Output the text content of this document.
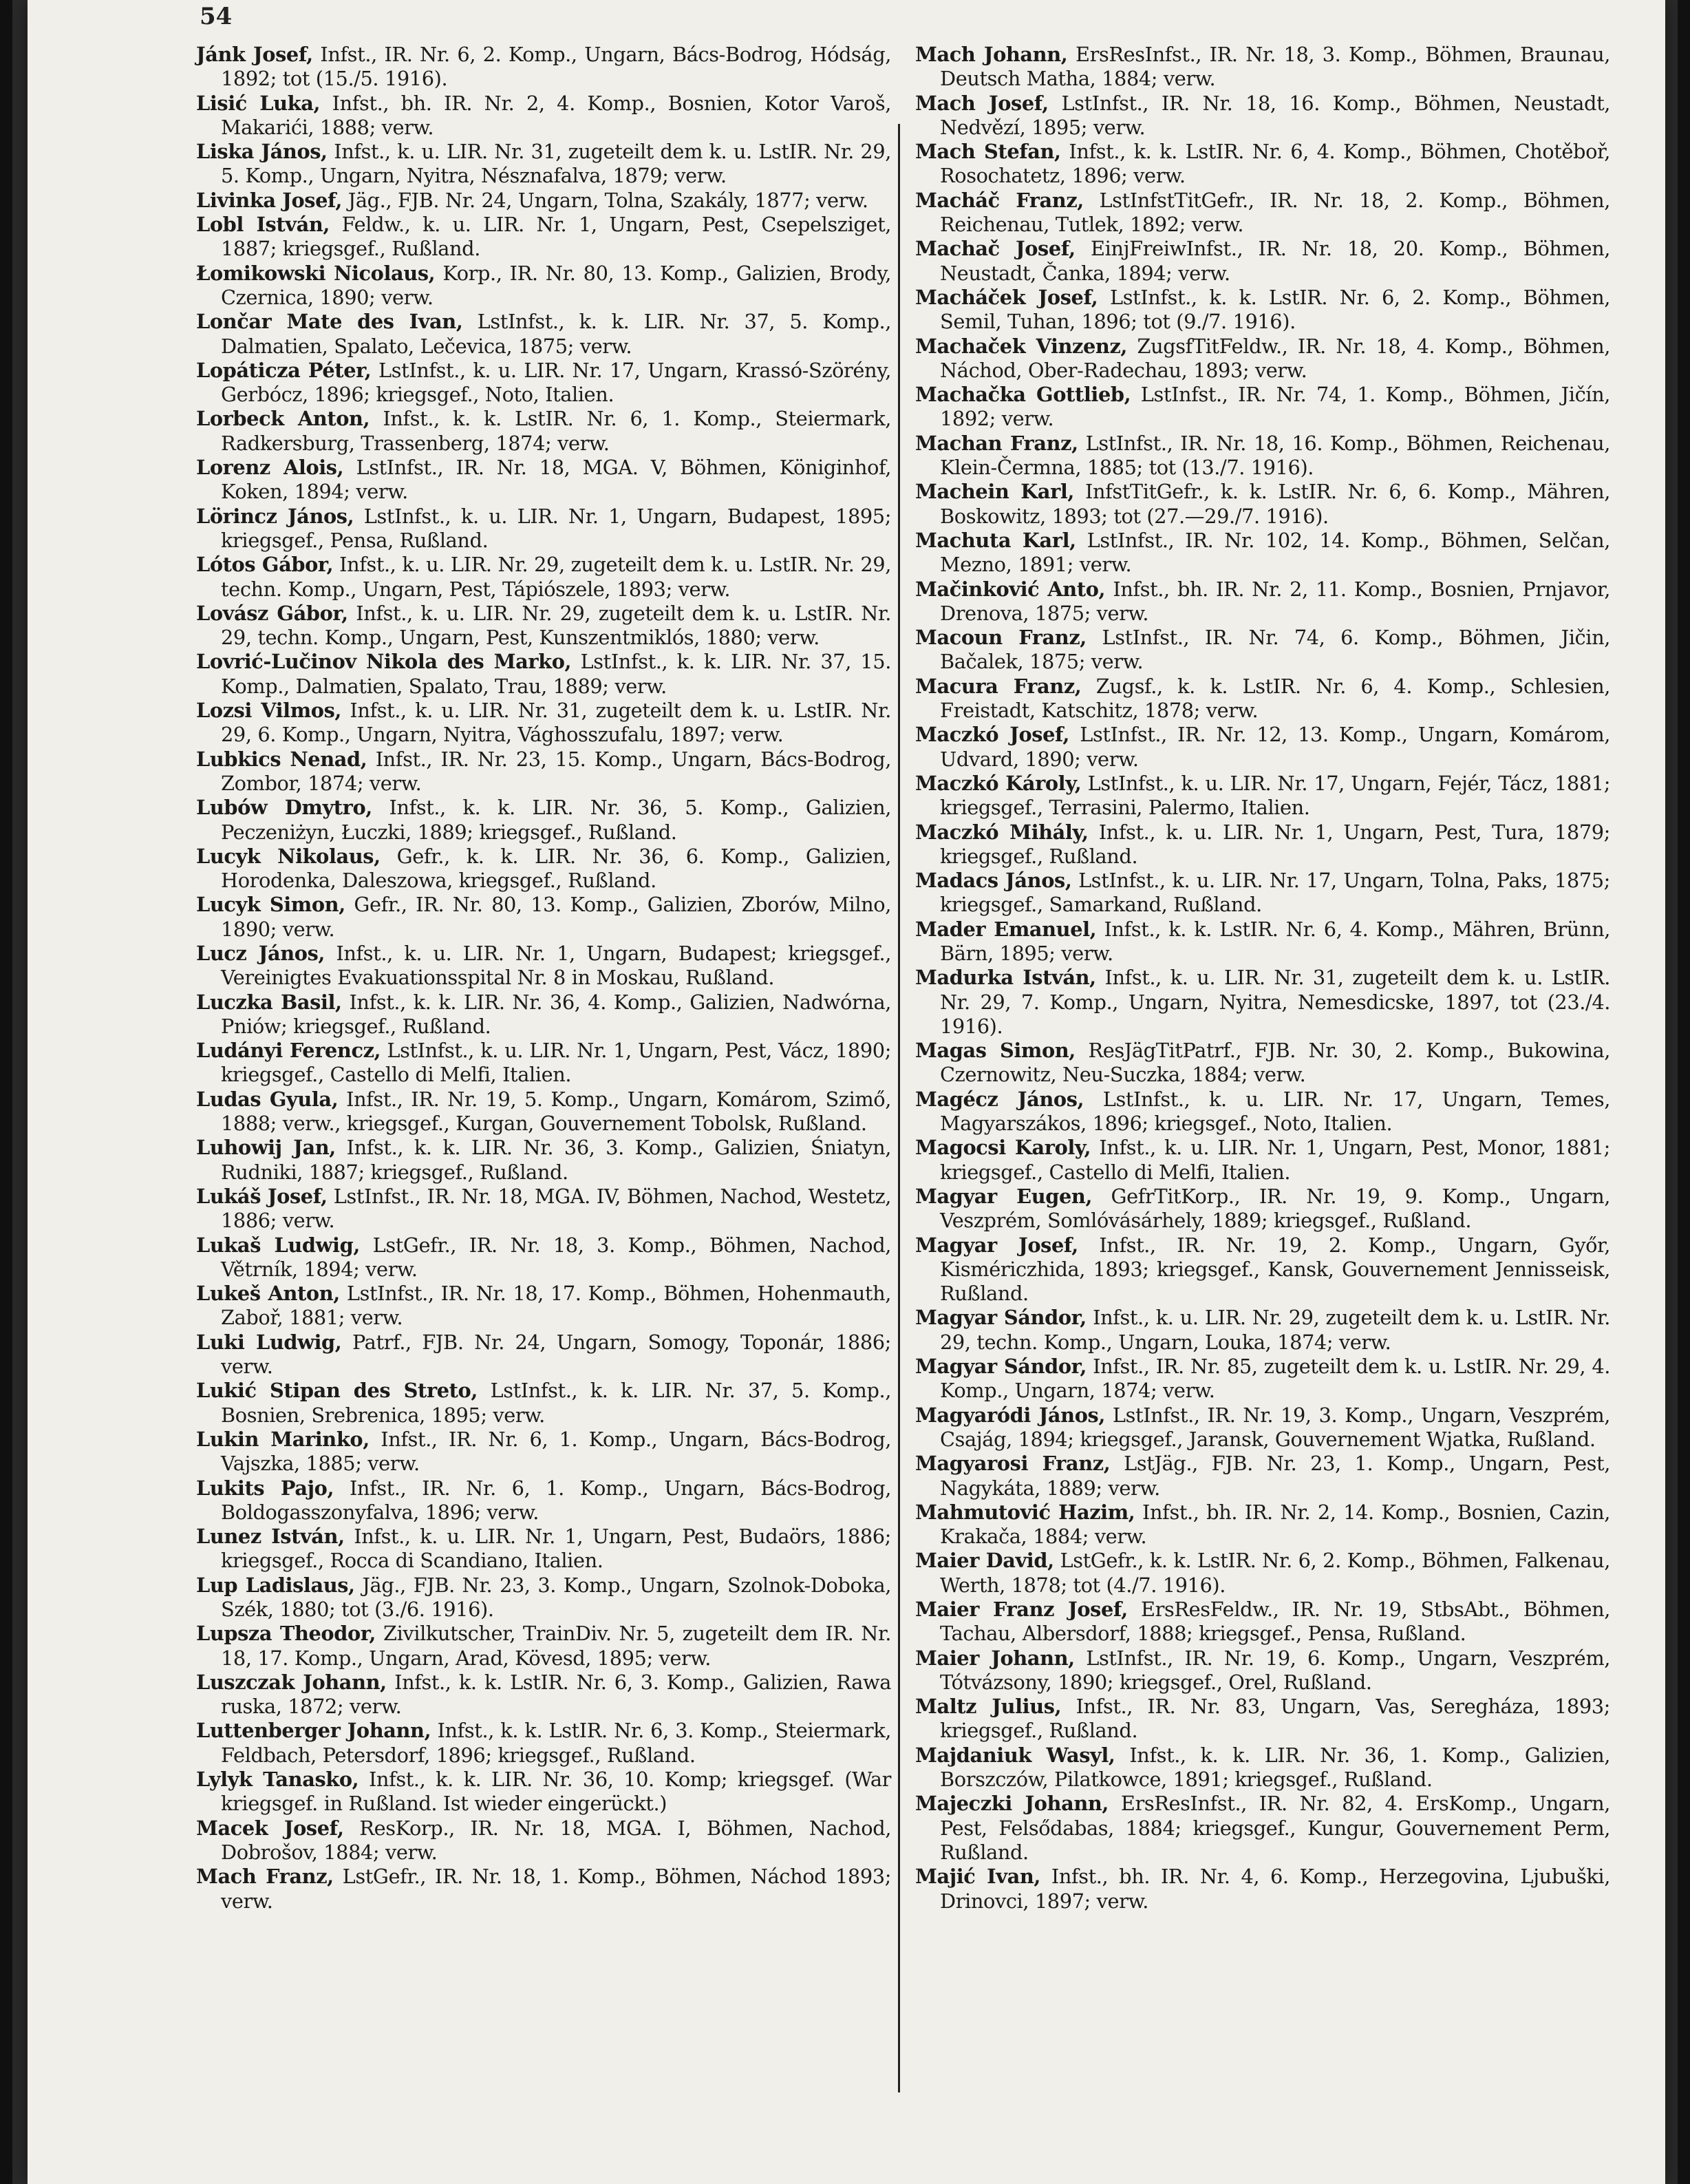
54
Jánk Josef, Infst., IR. Nr. 6, 2. Komp., Ungarn, Bács-Bodrog, Hódság, 1892; tot (15./5. 1916).
Lisić Luka, Infst., bh. IR. Nr. 2, 4. Komp., Bosnien, Kotor Varoš, Makarići, 1888; verw.
Liska János, Infst., k. u. LIR. Nr. 31, zugeteilt dem k. u. LstIR. Nr. 29, 5. Komp., Ungarn, Nyitra, Nésznafalva, 1879; verw.
Livinka Josef, Jäg., FJB. Nr. 24, Ungarn, Tolna, Szakály, 1877; verw.
Lobl István, Feldw., k. u. LIR. Nr. 1, Ungarn, Pest, Csepelsziget, 1887; kriegsgef., Rußland.
Łomikowski Nicolaus, Korp., IR. Nr. 80, 13. Komp., Galizien, Brody, Czernica, 1890; verw.
Lončar Mate des Ivan, LstInfst., k. k. LIR. Nr. 37, 5. Komp., Dalmatien, Spalato, Lečevica, 1875; verw.
Lopáticza Péter, LstInfst., k. u. LIR. Nr. 17, Ungarn, Krassó-Szörény, Gerbócz, 1896; kriegsgef., Noto, Italien.
Lorbeck Anton, Infst., k. k. LstIR. Nr. 6, 1. Komp., Steiermark, Radkersburg, Trassenberg, 1874; verw.
Lorenz Alois, LstInfst., IR. Nr. 18, MGA. V, Böhmen, Königinhof, Koken, 1894; verw.
Lörincz János, LstInfst., k. u. LIR. Nr. 1, Ungarn, Budapest, 1895; kriegsgef., Pensa, Rußland.
Lótos Gábor, Infst., k. u. LIR. Nr. 29, zugeteilt dem k. u. LstIR. Nr. 29, techn. Komp., Ungarn, Pest, Tápiószele, 1893; verw.
Lovász Gábor, Infst., k. u. LIR. Nr. 29, zugeteilt dem k. u. LstIR. Nr. 29, techn. Komp., Ungarn, Pest, Kunszentmiklós, 1880; verw.
Lovrić-Lučinov Nikola des Marko, LstInfst., k. k. LIR. Nr. 37, 15. Komp., Dalmatien, Spalato, Trau, 1889; verw.
Lozsi Vilmos, Infst., k. u. LIR. Nr. 31, zugeteilt dem k. u. LstIR. Nr. 29, 6. Komp., Ungarn, Nyitra, Vághosszufalu, 1897; verw.
Lubkics Nenad, Infst., IR. Nr. 23, 15. Komp., Ungarn, Bács-Bodrog, Zombor, 1874; verw.
Lubów Dmytro, Infst., k. k. LIR. Nr. 36, 5. Komp., Galizien, Peczeniżyn, Łuczki, 1889; kriegsgef., Rußland.
Lucyk Nikolaus, Gefr., k. k. LIR. Nr. 36, 6. Komp., Galizien, Horodenka, Daleszowa, kriegsgef., Rußland.
Lucyk Simon, Gefr., IR. Nr. 80, 13. Komp., Galizien, Zborów, Milno, 1890; verw.
Lucz János, Infst., k. u. LIR. Nr. 1, Ungarn, Budapest; kriegsgef., Vereinigtes Evakuationsspital Nr. 8 in Moskau, Rußland.
Luczka Basil, Infst., k. k. LIR. Nr. 36, 4. Komp., Galizien, Nadwórna, Pniów; kriegsgef., Rußland.
Ludányi Ferencz, LstInfst., k. u. LIR. Nr. 1, Ungarn, Pest, Vácz, 1890; kriegsgef., Castello di Melfi, Italien.
Ludas Gyula, Infst., IR. Nr. 19, 5. Komp., Ungarn, Komárom, Szimő, 1888; verw., kriegsgef., Kurgan, Gouvernement Tobolsk, Rußland.
Luhowij Jan, Infst., k. k. LIR. Nr. 36, 3. Komp., Galizien, Śniatyn, Rudniki, 1887; kriegsgef., Rußland.
Lukáš Josef, LstInfst., IR. Nr. 18, MGA. IV, Böhmen, Nachod, Westetz, 1886; verw.
Lukaš Ludwig, LstGefr., IR. Nr. 18, 3. Komp., Böhmen, Nachod, Větrník, 1894; verw.
Lukeš Anton, LstInfst., IR. Nr. 18, 17. Komp., Böhmen, Hohenmauth, Zaboř, 1881; verw.
Luki Ludwig, Patrf., FJB. Nr. 24, Ungarn, Somogy, Toponár, 1886; verw.
Lukić Stipan des Streto, LstInfst., k. k. LIR. Nr. 37, 5. Komp., Bosnien, Srebrenica, 1895; verw.
Lukin Marinko, Infst., IR. Nr. 6, 1. Komp., Ungarn, Bács-Bodrog, Vajszka, 1885; verw.
Lukits Pajo, Infst., IR. Nr. 6, 1. Komp., Ungarn, Bács-Bodrog, Boldogasszonyfalva, 1896; verw.
Lunez István, Infst., k. u. LIR. Nr. 1, Ungarn, Pest, Budaörs, 1886; kriegsgef., Rocca di Scandiano, Italien.
Lup Ladislaus, Jäg., FJB. Nr. 23, 3. Komp., Ungarn, Szolnok-Doboka, Szék, 1880; tot (3./6. 1916).
Lupsza Theodor, Zivilkutscher, TrainDiv. Nr. 5, zugeteilt dem IR. Nr. 18, 17. Komp., Ungarn, Arad, Kövesd, 1895; verw.
Luszczak Johann, Infst., k. k. LstIR. Nr. 6, 3. Komp., Galizien, Rawa ruska, 1872; verw.
Luttenberger Johann, Infst., k. k. LstIR. Nr. 6, 3. Komp., Steiermark, Feldbach, Petersdorf, 1896; kriegsgef., Rußland.
Lylyk Tanasko, Infst., k. k. LIR. Nr. 36, 10. Komp; kriegsgef. (War kriegsgef. in Rußland. Ist wieder eingerückt.)
Macek Josef, ResKorp., IR. Nr. 18, MGA. I, Böhmen, Nachod, Dobrošov, 1884; verw.
Mach Franz, LstGefr., IR. Nr. 18, 1. Komp., Böhmen, Náchod 1893; verw.
Mach Johann, ErsResInfst., IR. Nr. 18, 3. Komp., Böhmen, Braunau, Deutsch Matha, 1884; verw.
Mach Josef, LstInfst., IR. Nr. 18, 16. Komp., Böhmen, Neustadt, Nedvězí, 1895; verw.
Mach Stefan, Infst., k. k. LstIR. Nr. 6, 4. Komp., Böhmen, Chotěboř, Rosochatetz, 1896; verw.
Macháč Franz, LstInfstTitGefr., IR. Nr. 18, 2. Komp., Böhmen, Reichenau, Tutlek, 1892; verw.
Machač Josef, EinjFreiwInfst., IR. Nr. 18, 20. Komp., Böhmen, Neustadt, Čanka, 1894; verw.
Macháček Josef, LstInfst., k. k. LstIR. Nr. 6, 2. Komp., Böhmen, Semil, Tuhan, 1896; tot (9./7. 1916).
Machaček Vinzenz, ZugsfTitFeldw., IR. Nr. 18, 4. Komp., Böhmen, Náchod, Ober-Radechau, 1893; verw.
Machačka Gottlieb, LstInfst., IR. Nr. 74, 1. Komp., Böhmen, Jičín, 1892; verw.
Machan Franz, LstInfst., IR. Nr. 18, 16. Komp., Böhmen, Reichenau, Klein-Čermna, 1885; tot (13./7. 1916).
Machein Karl, InfstTitGefr., k. k. LstIR. Nr. 6, 6. Komp., Mähren, Boskowitz, 1893; tot (27.—29./7. 1916).
Machuta Karl, LstInfst., IR. Nr. 102, 14. Komp., Böhmen, Selčan, Mezno, 1891; verw.
Mačinković Anto, Infst., bh. IR. Nr. 2, 11. Komp., Bosnien, Prnjavor, Drenova, 1875; verw.
Macoun Franz, LstInfst., IR. Nr. 74, 6. Komp., Böhmen, Jičin, Bačalek, 1875; verw.
Macura Franz, Zugsf., k. k. LstIR. Nr. 6, 4. Komp., Schlesien, Freistadt, Katschitz, 1878; verw.
Maczkó Josef, LstInfst., IR. Nr. 12, 13. Komp., Ungarn, Komárom, Udvard, 1890; verw.
Maczkó Károly, LstInfst., k. u. LIR. Nr. 17, Ungarn, Fejér, Tácz, 1881; kriegsgef., Terrasini, Palermo, Italien.
Maczkó Mihály, Infst., k. u. LIR. Nr. 1, Ungarn, Pest, Tura, 1879; kriegsgef., Rußland.
Madacs János, LstInfst., k. u. LIR. Nr. 17, Ungarn, Tolna, Paks, 1875; kriegsgef., Samarkand, Rußland.
Mader Emanuel, Infst., k. k. LstIR. Nr. 6, 4. Komp., Mähren, Brünn, Bärn, 1895; verw.
Madurka István, Infst., k. u. LIR. Nr. 31, zugeteilt dem k. u. LstIR. Nr. 29, 7. Komp., Ungarn, Nyitra, Nemesdicske, 1897, tot (23./4. 1916).
Magas Simon, ResJägTitPatrf., FJB. Nr. 30, 2. Komp., Bukowina, Czernowitz, Neu-Suczka, 1884; verw.
Magécz János, LstInfst., k. u. LIR. Nr. 17, Ungarn, Temes, Magyarszákos, 1896; kriegsgef., Noto, Italien.
Magocsi Karoly, Infst., k. u. LIR. Nr. 1, Ungarn, Pest, Monor, 1881; kriegsgef., Castello di Melfi, Italien.
Magyar Eugen, GefrTitKorp., IR. Nr. 19, 9. Komp., Ungarn, Veszprém, Somlóvásárhely, 1889; kriegsgef., Rußland.
Magyar Josef, Infst., IR. Nr. 19, 2. Komp., Ungarn, Győr, Kismériczhida, 1893; kriegsgef., Kansk, Gouvernement Jennisseisk, Rußland.
Magyar Sándor, Infst., k. u. LIR. Nr. 29, zugeteilt dem k. u. LstIR. Nr. 29, techn. Komp., Ungarn, Louka, 1874; verw.
Magyar Sándor, Infst., IR. Nr. 85, zugeteilt dem k. u. LstIR. Nr. 29, 4. Komp., Ungarn, 1874; verw.
Magyaródi János, LstInfst., IR. Nr. 19, 3. Komp., Ungarn, Veszprém, Csajág, 1894; kriegsgef., Jaransk, Gouvernement Wjatka, Rußland.
Magyarosi Franz, LstJäg., FJB. Nr. 23, 1. Komp., Ungarn, Pest, Nagykáta, 1889; verw.
Mahmutović Hazim, Infst., bh. IR. Nr. 2, 14. Komp., Bosnien, Cazin, Krakača, 1884; verw.
Maier David, LstGefr., k. k. LstIR. Nr. 6, 2. Komp., Böhmen, Falkenau, Werth, 1878; tot (4./7. 1916).
Maier Franz Josef, ErsResFeldw., IR. Nr. 19, StbsAbt., Böhmen, Tachau, Albersdorf, 1888; kriegsgef., Pensa, Rußland.
Maier Johann, LstInfst., IR. Nr. 19, 6. Komp., Ungarn, Veszprém, Tótvázsony, 1890; kriegsgef., Orel, Rußland.
Maltz Julius, Infst., IR. Nr. 83, Ungarn, Vas, Seregháza, 1893; kriegsgef., Rußland.
Majdaniuk Wasyl, Infst., k. k. LIR. Nr. 36, 1. Komp., Galizien, Borszczów, Pilatkowce, 1891; kriegsgef., Rußland.
Majeczki Johann, ErsResInfst., IR. Nr. 82, 4. ErsKomp., Ungarn, Pest, Felsődabas, 1884; kriegsgef., Kungur, Gouvernement Perm, Rußland.
Majić Ivan, Infst., bh. IR. Nr. 4, 6. Komp., Herzegovina, Ljubuški, Drinovci, 1897; verw.
